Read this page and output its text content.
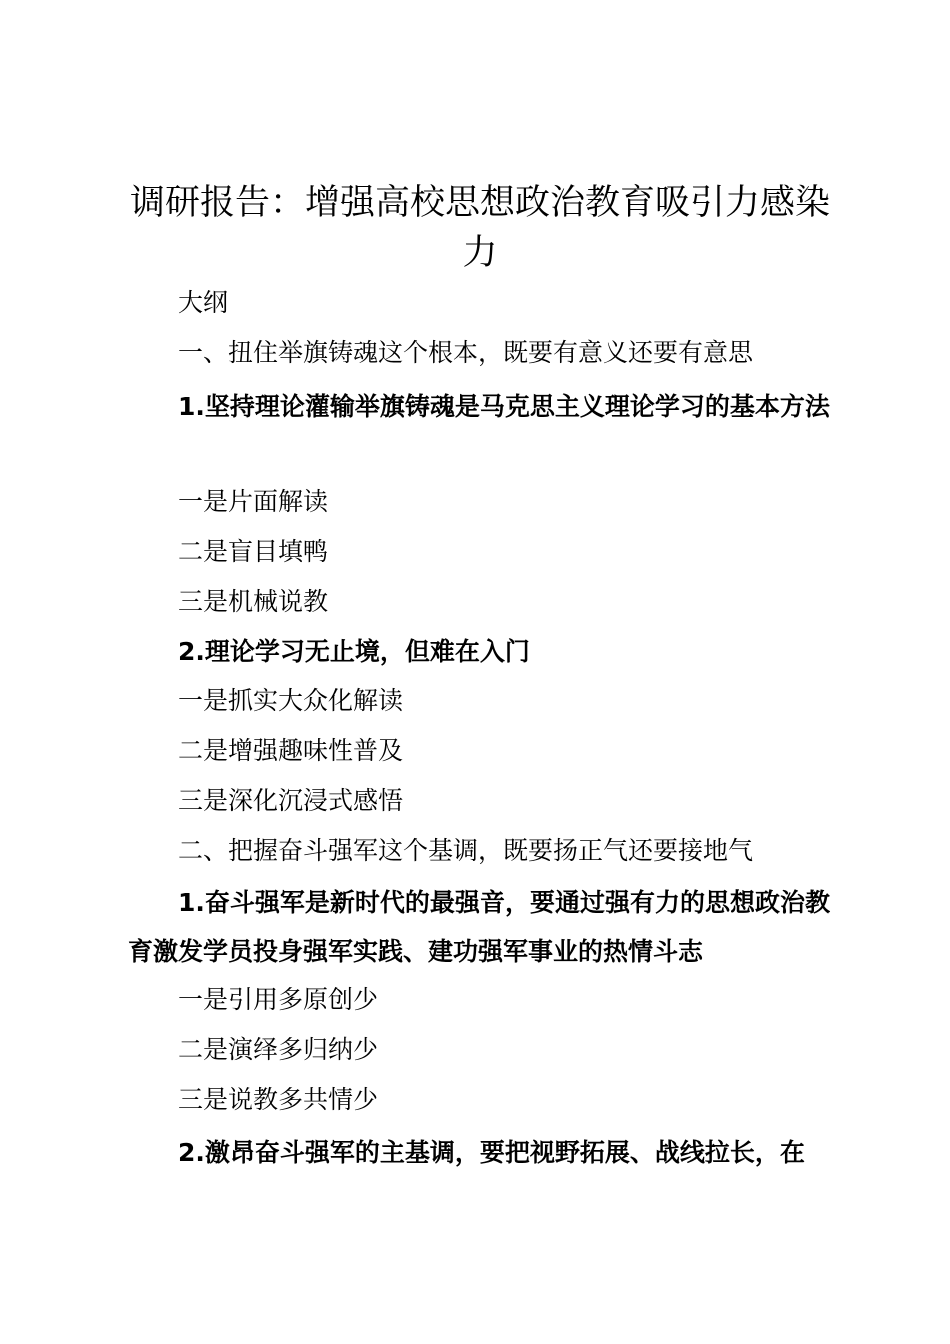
调研报告：增强高校思想政治教育吸引力感染力

大纲

一、扭住举旗铸魂这个根本，既要有意义还要有意思

1.坚持理论灌输举旗铸魂是马克思主义理论学习的基本方法

一是片面解读

二是盲目填鸭

三是机械说教

2.理论学习无止境，但难在入门

一是抓实大众化解读

二是增强趣味性普及

三是深化沉浸式感悟

二、把握奋斗强军这个基调，既要扬正气还要接地气

1.奋斗强军是新时代的最强音，要通过强有力的思想政治教育激发学员投身强军实践、建功强军事业的热情斗志

一是引用多原创少

二是演绎多归纳少

三是说教多共情少

2.激昂奋斗强军的主基调，要把视野拓展、战线拉长，在
